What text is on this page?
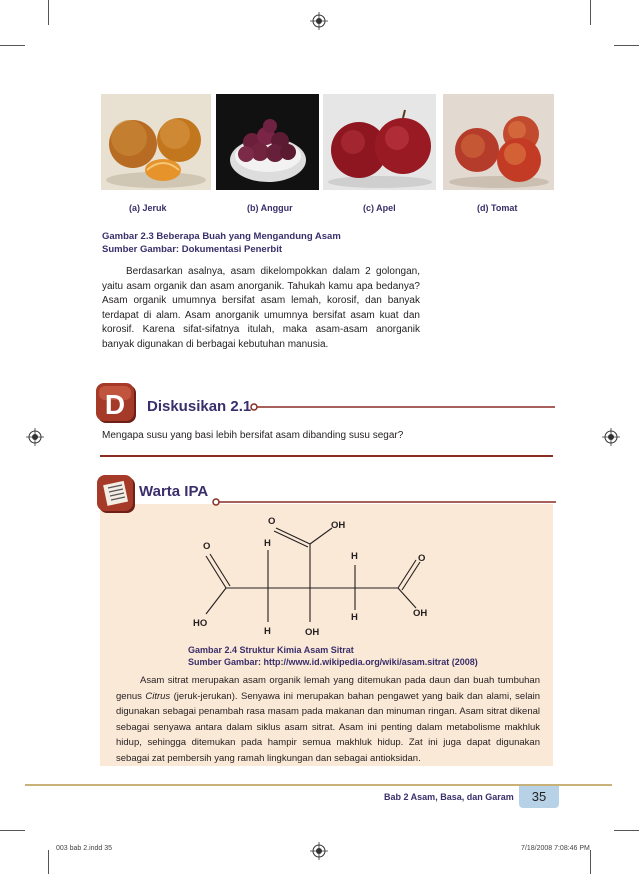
(a) Jeruk	(b) Anggur	(c) Apel	(d) Tomat
Gambar 2.3 Beberapa Buah yang Mengandung Asam
Sumber Gambar: Dokumentasi Penerbit
Berdasarkan asalnya, asam dikelompokkan dalam 2 golongan, yaitu asam organik dan asam anorganik. Tahukah kamu apa bedanya? Asam organik umumnya bersifat asam lemah, korosif, dan banyak terdapat di alam. Asam anorganik umumnya bersifat asam kuat dan korosif. Karena sifat-sifatnya itulah, maka asam-asam anorganik banyak digunakan di berbagai kebutuhan manusia.
D Diskusikan 2.1
Mengapa susu yang basi lebih bersifat asam dibanding susu segar?
Warta IPA
O	OH
O	H
H	O
OH
H
HO
H	OH
Gambar 2.4 Struktur Kimia Asam Sitrat
Sumber Gambar: http://www.id.wikipedia.org/wiki/asam.sitrat (2008)
Asam sitrat merupakan asam organik lemah yang ditemukan pada daun dan buah tumbuhan genus Citrus (jeruk-jerukan). Senyawa ini merupakan bahan pengawet yang baik dan alami, selain digunakan sebagai penambah rasa masam pada makanan dan minuman ringan. Asam sitrat dikenal sebagai senyawa antara dalam siklus asam sitrat. Asam ini penting dalam metabolisme makhluk hidup, sehingga ditemukan pada hampir semua makhluk hidup. Zat ini juga dapat digunakan sebagai zat pembersih yang ramah lingkungan dan sebagai antioksidan.
Bab 2 Asam, Basa, dan Garam	35
003 bab 2.indd 35	7/18/2008 7:08:46 PM
